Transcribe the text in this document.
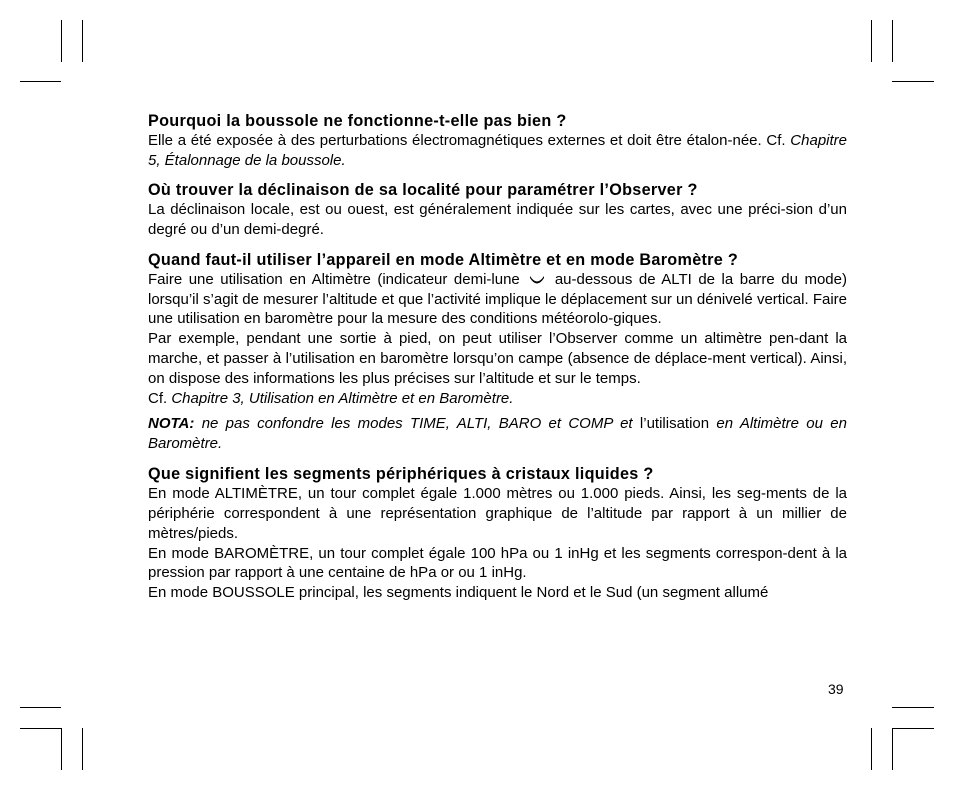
Pourquoi la boussole ne fonctionne-t-elle pas bien ?

Elle a été exposée à des perturbations électromagnétiques externes et doit être étalon-née. Cf. Chapitre 5, Étalonnage de la boussole.

Où trouver la déclinaison de sa localité pour paramétrer l’Observer ?

La déclinaison locale, est ou ouest, est généralement indiquée sur les cartes, avec une préci-sion d’un degré ou d’un demi-degré.

Quand faut-il utiliser l’appareil en mode Altimètre et en mode Baromètre ?

Faire une utilisation en Altimètre (indicateur demi-lune  au-dessous de ALTI de la barre du mode) lorsqu’il s’agit de mesurer l’altitude et que l’activité implique le déplacement sur un dénivelé vertical. Faire une utilisation en baromètre pour la mesure des conditions météorolo-giques.

Par exemple, pendant une sortie à pied, on peut utiliser l’Observer comme un altimètre pen-dant la marche, et passer à l’utilisation en baromètre lorsqu’on campe (absence de déplace-ment vertical). Ainsi, on dispose des informations les plus précises sur l’altitude et sur le temps.

Cf. Chapitre 3, Utilisation en Altimètre et en Baromètre.

NOTA: ne pas confondre les modes TIME, ALTI, BARO et COMP et l’utilisation en Altimètre ou en Baromètre.

Que signifient les segments périphériques à cristaux liquides ?

En mode ALTIMÈTRE, un tour complet égale 1.000 mètres ou 1.000 pieds. Ainsi, les seg-ments de la périphérie correspondent à une représentation graphique de l’altitude par rapport à un millier de mètres/pieds.

En mode BAROMÈTRE, un tour complet égale 100 hPa ou 1 inHg et les segments correspon-dent à la pression par rapport à une centaine de hPa or ou 1 inHg.

En mode BOUSSOLE principal, les segments indiquent le Nord et le Sud (un segment allumé

39
